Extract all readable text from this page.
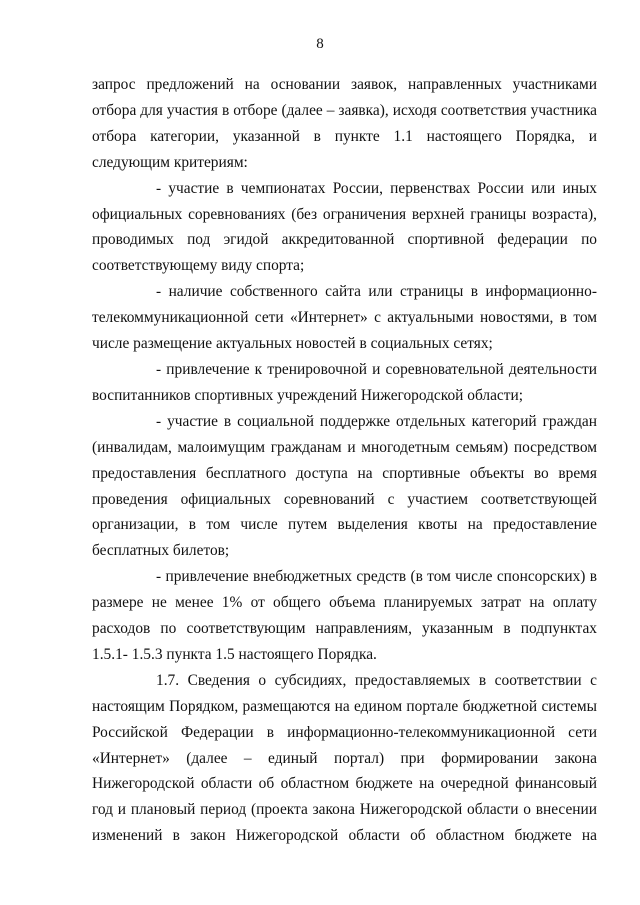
8

запрос предложений на основании заявок, направленных участниками отбора для участия в отборе (далее – заявка), исходя соответствия участника отбора категории, указанной в пункте 1.1 настоящего Порядка, и следующим критериям:

- участие в чемпионатах России, первенствах России или иных официальных соревнованиях (без ограничения верхней границы возраста), проводимых под эгидой аккредитованной спортивной федерации по соответствующему виду спорта;

- наличие собственного сайта или страницы в информационно-телекоммуникационной сети «Интернет» с актуальными новостями, в том числе размещение актуальных новостей в социальных сетях;

- привлечение к тренировочной и соревновательной деятельности воспитанников спортивных учреждений Нижегородской области;

- участие в социальной поддержке отдельных категорий граждан (инвалидам, малоимущим гражданам и многодетным семьям) посредством предоставления бесплатного доступа на спортивные объекты во время проведения официальных соревнований с участием соответствующей организации, в том числе путем выделения квоты на предоставление бесплатных билетов;

- привлечение внебюджетных средств (в том числе спонсорских) в размере не менее 1% от общего объема планируемых затрат на оплату расходов по соответствующим направлениям, указанным в подпунктах 1.5.1- 1.5.3 пункта 1.5 настоящего Порядка.

1.7. Сведения о субсидиях, предоставляемых в соответствии с настоящим Порядком, размещаются на едином портале бюджетной системы Российской Федерации в информационно-телекоммуникационной сети «Интернет» (далее – единый портал) при формировании закона Нижегородской области об областном бюджете на очередной финансовый год и плановый период (проекта закона Нижегородской области о внесении изменений в закон Нижегородской области об областном бюджете на
